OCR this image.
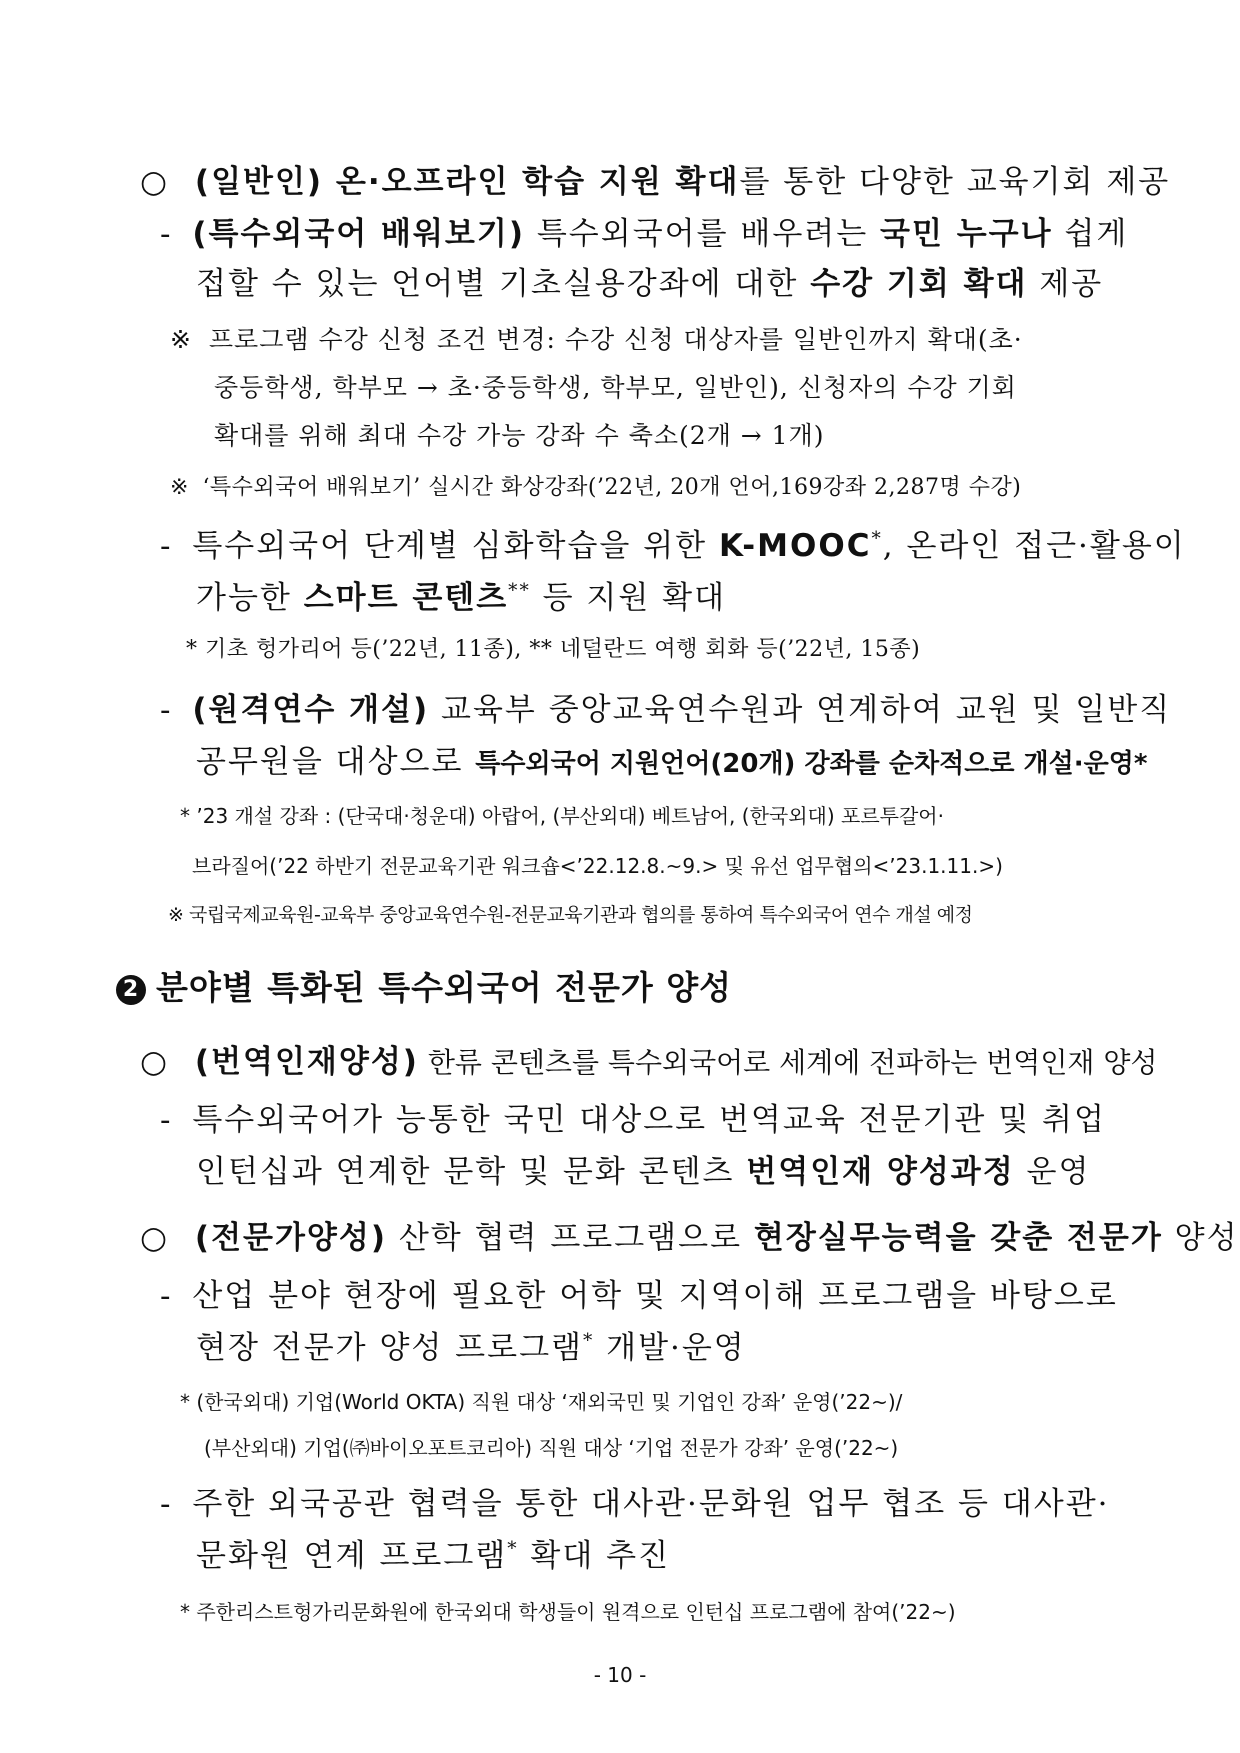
○ (일반인) 온·오프라인 학습 지원 확대를 통한 다양한 교육기회 제공
- (특수외국어 배워보기) 특수외국어를 배우려는 국민 누구나 쉽게
접할 수 있는 언어별 기초실용강좌에 대한 수강 기회 확대 제공
※ 프로그램 수강 신청 조건 변경: 수강 신청 대상자를 일반인까지 확대(초·
중등학생, 학부모 → 초·중등학생, 학부모, 일반인), 신청자의 수강 기회
확대를 위해 최대 수강 가능 강좌 수 축소(2개 → 1개)
※ ‘특수외국어 배워보기’ 실시간 화상강좌(’22년, 20개 언어,169강좌 2,287명 수강)
- 특수외국어 단계별 심화학습을 위한 K-MOOC*, 온라인 접근·활용이
가능한 스마트 콘텐츠** 등 지원 확대
* 기초 헝가리어 등(’22년, 11종), ** 네덜란드 여행 회화 등(’22년, 15종)
- (원격연수 개설) 교육부 중앙교육연수원과 연계하여 교원 및 일반직
공무원을 대상으로 특수외국어 지원언어(20개) 강좌를 순차적으로 개설·운영*
* ’23 개설 강좌 : (단국대·청운대) 아랍어, (부산외대) 베트남어, (한국외대) 포르투갈어·
브라질어(’22 하반기 전문교육기관 워크숍<’22.12.8.~9.> 및 유선 업무협의<’23.1.11.>)
※ 국립국제교육원-교육부 중앙교육연수원-전문교육기관과 협의를 통하여 특수외국어 연수 개설 예정
2 분야별 특화된 특수외국어 전문가 양성
○ (번역인재양성) 한류 콘텐츠를 특수외국어로 세계에 전파하는 번역인재 양성
- 특수외국어가 능통한 국민 대상으로 번역교육 전문기관 및 취업
인턴십과 연계한 문학 및 문화 콘텐츠 번역인재 양성과정 운영
○ (전문가양성) 산학 협력 프로그램으로 현장실무능력을 갖춘 전문가 양성
- 산업 분야 현장에 필요한 어학 및 지역이해 프로그램을 바탕으로
현장 전문가 양성 프로그램* 개발·운영
* (한국외대) 기업(World OKTA) 직원 대상 ‘재외국민 및 기업인 강좌’ 운영(’22~)/
(부산외대) 기업(㈜바이오포트코리아) 직원 대상 ‘기업 전문가 강좌’ 운영(’22~)
- 주한 외국공관 협력을 통한 대사관·문화원 업무 협조 등 대사관·
문화원 연계 프로그램* 확대 추진
* 주한리스트헝가리문화원에 한국외대 학생들이 원격으로 인턴십 프로그램에 참여(’22~)
- 10 -
